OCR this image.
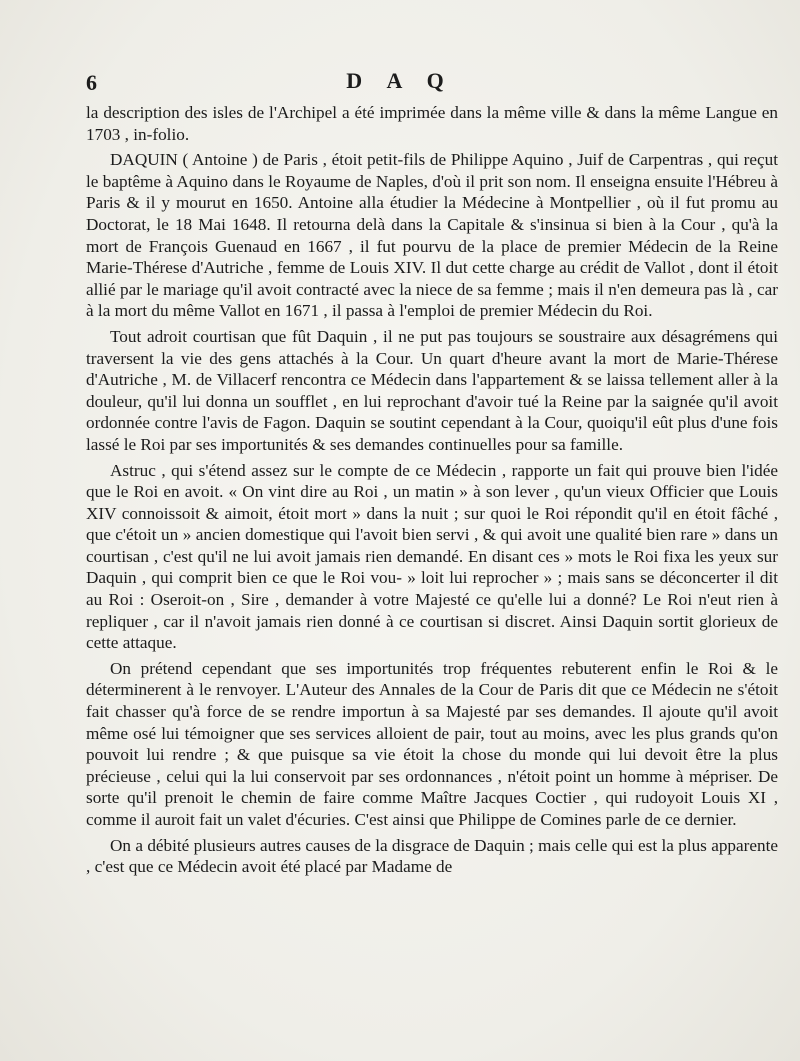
6	D A Q

la description des isles de l'Archipel a été imprimée dans la même ville & dans la même Langue en 1703 , in-folio.

DAQUIN ( Antoine ) de Paris , étoit petit-fils de Philippe Aquino , Juif de Carpentras , qui reçut le baptême à Aquino dans le Royaume de Naples, d'où il prit son nom. Il enseigna ensuite l'Hébreu à Paris & il y mourut en 1650. Antoine alla étudier la Médecine à Montpellier , où il fut promu au Doctorat, le 18 Mai 1648. Il retourna delà dans la Capitale & s'insinua si bien à la Cour , qu'à la mort de François Guenaud en 1667 , il fut pourvu de la place de premier Médecin de la Reine Marie-Thérese d'Autriche , femme de Louis XIV. Il dut cette charge au crédit de Vallot , dont il étoit allié par le mariage qu'il avoit contracté avec la niece de sa femme ; mais il n'en demeura pas là , car à la mort du même Vallot en 1671 , il passa à l'emploi de premier Médecin du Roi.

Tout adroit courtisan que fût Daquin , il ne put pas toujours se soustraire aux désagrémens qui traversent la vie des gens attachés à la Cour. Un quart d'heure avant la mort de Marie-Thérese d'Autriche , M. de Villacerf rencontra ce Médecin dans l'appartement & se laissa tellement aller à la douleur, qu'il lui donna un soufflet , en lui reprochant d'avoir tué la Reine par la saignée qu'il avoit ordonnée contre l'avis de Fagon. Daquin se soutint cependant à la Cour, quoiqu'il eût plus d'une fois lassé le Roi par ses importunités & ses demandes continuelles pour sa famille.

Astruc , qui s'étend assez sur le compte de ce Médecin , rapporte un fait qui prouve bien l'idée que le Roi en avoit. « On vint dire au Roi , un matin » à son lever , qu'un vieux Officier que Louis XIV connoissoit & aimoit, étoit mort » dans la nuit ; sur quoi le Roi répondit qu'il en étoit fâché , que c'étoit un » ancien domestique qui l'avoit bien servi , & qui avoit une qualité bien rare » dans un courtisan , c'est qu'il ne lui avoit jamais rien demandé. En disant ces » mots le Roi fixa les yeux sur Daquin , qui comprit bien ce que le Roi vou- » loit lui reprocher » ; mais sans se déconcerter il dit au Roi : Oseroit-on , Sire , demander à votre Majesté ce qu'elle lui a donné? Le Roi n'eut rien à repliquer , car il n'avoit jamais rien donné à ce courtisan si discret. Ainsi Daquin sortit glorieux de cette attaque.

On prétend cependant que ses importunités trop fréquentes rebuterent enfin le Roi & le déterminerent à le renvoyer. L'Auteur des Annales de la Cour de Paris dit que ce Médecin ne s'étoit fait chasser qu'à force de se rendre importun à sa Majesté par ses demandes. Il ajoute qu'il avoit même osé lui témoigner que ses services alloient de pair, tout au moins, avec les plus grands qu'on pouvoit lui rendre ; & que puisque sa vie étoit la chose du monde qui lui devoit être la plus précieuse , celui qui la lui conservoit par ses ordonnances , n'étoit point un homme à mépriser. De sorte qu'il prenoit le chemin de faire comme Maître Jacques Coctier , qui rudoyoit Louis XI , comme il auroit fait un valet d'écuries. C'est ainsi que Philippe de Comines parle de ce dernier.

On a débité plusieurs autres causes de la disgrace de Daquin ; mais celle qui est la plus apparente , c'est que ce Médecin avoit été placé par Madame de
